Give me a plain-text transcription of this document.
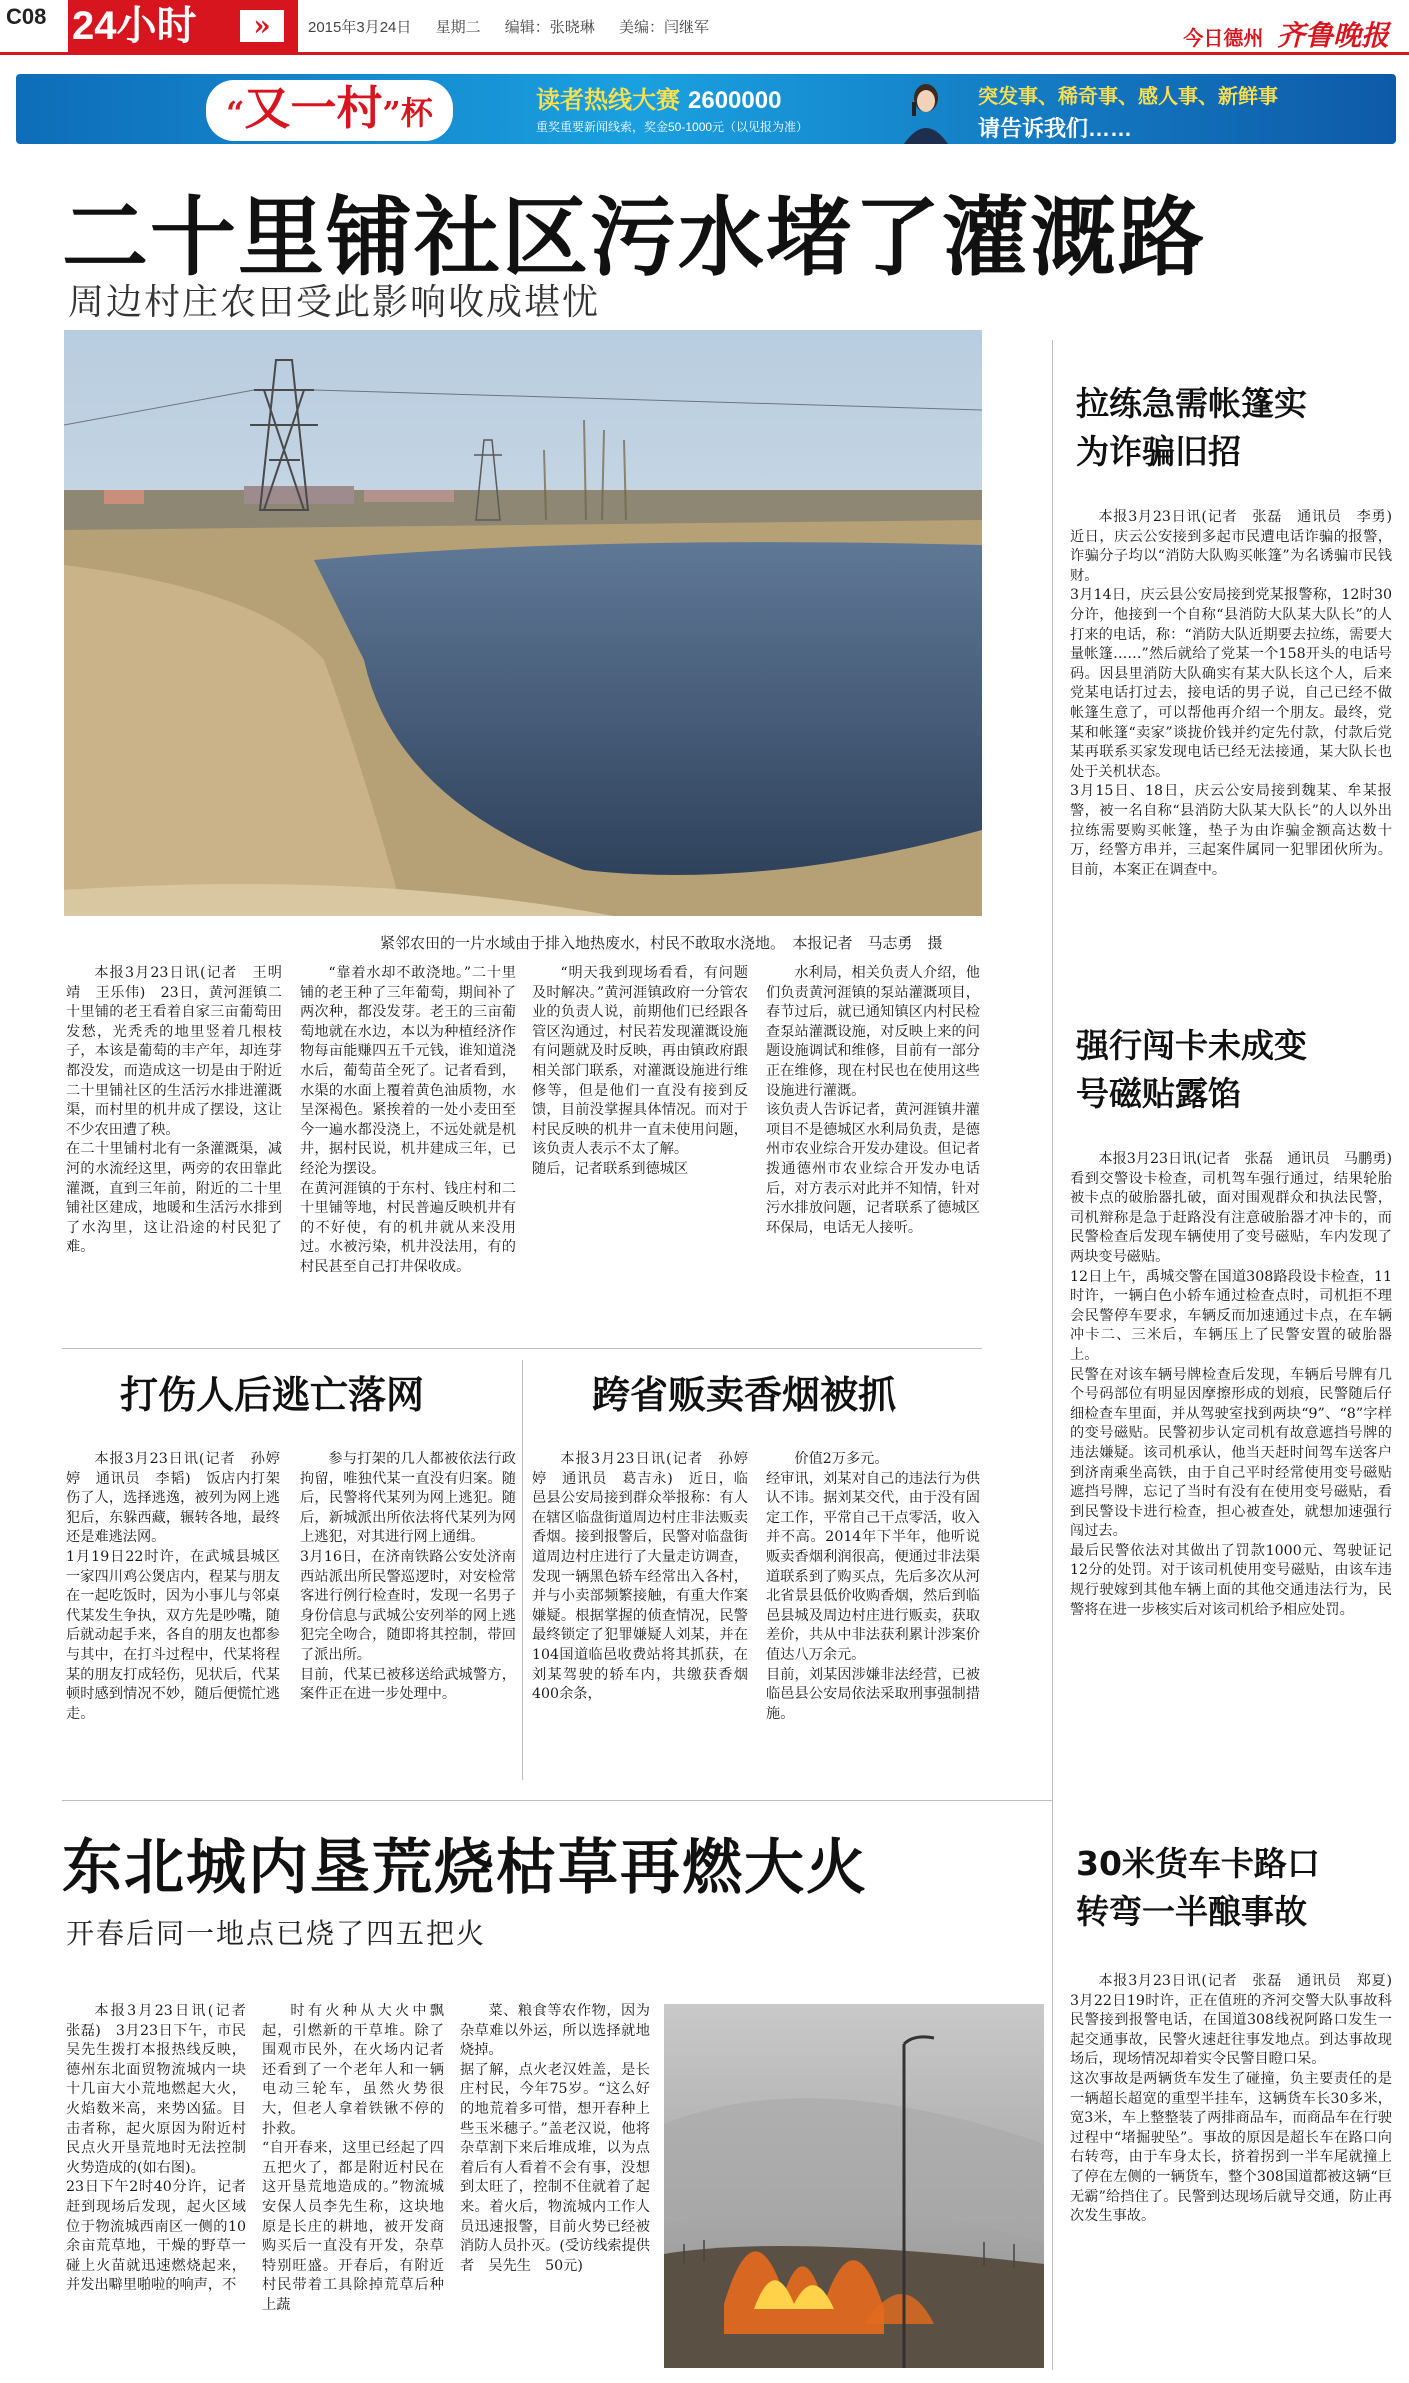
C08 24小时	»	2015年3月24日 星期二 编辑：张晓琳 美编：闫继军
今日德州 齐鲁晚报
“又一村”杯	读者热线大赛 2600000
重奖重要新闻线索，奖金50-1000元（以见报为准）
突发事、稀奇事、感人事、新鲜事
请告诉我们……
二十里铺社区污水堵了灌溉路
周边村庄农田受此影响收成堪忧
紧邻农田的一片水域由于排入地热废水，村民不敢取水浇地。　本报记者　马志勇　摄
本报3月23日讯(记者　王明靖　王乐伟)　23日，黄河涯镇二十里铺的老王看着自家三亩葡萄田发愁，光秃秃的地里竖着几根枝子，本该是葡萄的丰产年，却连芽都没发，而造成这一切是由于附近二十里铺社区的生活污水排进灌溉渠，而村里的机井成了摆设，这让不少农田遭了秧。
在二十里铺村北有一条灌溉渠，减河的水流经这里，两旁的农田靠此灌溉，直到三年前，附近的二十里铺社区建成，地暖和生活污水排到了水沟里，这让沿途的村民犯了难。
“靠着水却不敢浇地。”二十里铺的老王种了三年葡萄，期间补了两次种，都没发芽。老王的三亩葡萄地就在水边，本以为种植经济作物每亩能赚四五千元钱，谁知道浇水后，葡萄苗全死了。记者看到，水渠的水面上覆着黄色油质物，水呈深褐色。紧挨着的一处小麦田至今一遍水都没浇上，不远处就是机井，据村民说，机井建成三年，已经沦为摆设。
在黄河涯镇的于东村、钱庄村和二十里铺等地，村民普遍反映机井有的不好使，有的机井就从来没用过。水被污染，机井没法用，有的村民甚至自己打井保收成。
“明天我到现场看看，有问题及时解决。”黄河涯镇政府一分管农业的负责人说，前期他们已经跟各管区沟通过，村民若发现灌溉设施有问题就及时反映，再由镇政府跟相关部门联系，对灌溉设施进行维修等，但是他们一直没有接到反馈，目前没掌握具体情况。而对于村民反映的机井一直未使用问题，该负责人表示不太了解。
随后，记者联系到德城区
水利局，相关负责人介绍，他们负责黄河涯镇的泵站灌溉项目，春节过后，就已通知镇区内村民检查泵站灌溉设施，对反映上来的问题设施调试和维修，目前有一部分正在维修，现在村民也在使用这些设施进行灌溉。
该负责人告诉记者，黄河涯镇井灌项目不是德城区水利局负责，是德州市农业综合开发办建设。但记者拨通德州市农业综合开发办电话后，对方表示对此并不知情，针对污水排放问题，记者联系了德城区环保局，电话无人接听。
打伤人后逃亡落网
本报3月23日讯(记者　孙婷婷　通讯员　李韬)　饭店内打架伤了人，选择逃逸，被列为网上逃犯后，东躲西藏，辗转各地，最终还是难逃法网。
1月19日22时许，在武城县城区一家四川鸡公煲店内，程某与朋友在一起吃饭时，因为小事儿与邻桌代某发生争执，双方先是吵嘴，随后就动起手来，各自的朋友也都参与其中，在打斗过程中，代某将程某的朋友打成轻伤，见状后，代某顿时感到情况不妙，随后便慌忙逃走。
参与打架的几人都被依法行政拘留，唯独代某一直没有归案。随后，民警将代某列为网上逃犯。随后，新城派出所依法将代某列为网上逃犯，对其进行网上通缉。
3月16日，在济南铁路公安处济南西站派出所民警巡逻时，对安检常客进行例行检查时，发现一名男子身份信息与武城公安列举的网上逃犯完全吻合，随即将其控制，带回了派出所。
目前，代某已被移送给武城警方，案件正在进一步处理中。
跨省贩卖香烟被抓
本报3月23日讯(记者　孙婷婷　通讯员　葛吉永)　近日，临邑县公安局接到群众举报称：有人在辖区临盘街道周边村庄非法贩卖香烟。接到报警后，民警对临盘街道周边村庄进行了大量走访调查，发现一辆黑色轿车经常出入各村，并与小卖部频繁接触，有重大作案嫌疑。根据掌握的侦查情况，民警最终锁定了犯罪嫌疑人刘某，并在104国道临邑收费站将其抓获，在刘某驾驶的轿车内，共缴获香烟400余条，
价值2万多元。
经审讯，刘某对自己的违法行为供认不讳。据刘某交代，由于没有固定工作，平常自己干点零活，收入并不高。2014年下半年，他听说贩卖香烟利润很高，便通过非法渠道联系到了购买点，先后多次从河北省景县低价收购香烟，然后到临邑县城及周边村庄进行贩卖，获取差价，共从中非法获利累计涉案价值达八万余元。
目前，刘某因涉嫌非法经营，已被临邑县公安局依法采取刑事强制措施。
拉练急需帐篷实为诈骗旧招
本报3月23日讯(记者　张磊　通讯员　李勇)　近日，庆云公安接到多起市民遭电话诈骗的报警，诈骗分子均以“消防大队购买帐篷”为名诱骗市民钱财。
3月14日，庆云县公安局接到党某报警称，12时30分许，他接到一个自称“县消防大队某大队长”的人打来的电话，称：“消防大队近期要去拉练，需要大量帐篷……”然后就给了党某一个158开头的电话号码。因县里消防大队确实有某大队长这个人，后来党某电话打过去，接电话的男子说，自己已经不做帐篷生意了，可以帮他再介绍一个朋友。最终，党某和帐篷“卖家”谈拢价钱并约定先付款，付款后党某再联系买家发现电话已经无法接通，某大队长也处于关机状态。
3月15日、18日，庆云公安局接到魏某、牟某报警，被一名自称“县消防大队某大队长”的人以外出拉练需要购买帐篷，垫子为由诈骗金额高达数十万，经警方串并，三起案件属同一犯罪团伙所为。目前，本案正在调查中。
强行闯卡未成变号磁贴露馅
本报3月23日讯(记者　张磊　通讯员　马鹏勇)　看到交警设卡检查，司机驾车强行通过，结果轮胎被卡点的破胎器扎破，面对围观群众和执法民警，司机辩称是急于赶路没有注意破胎器才冲卡的，而民警检查后发现车辆使用了变号磁贴，车内发现了两块变号磁贴。
12日上午，禹城交警在国道308路段设卡检查，11时许，一辆白色小轿车通过检查点时，司机拒不理会民警停车要求，车辆反而加速通过卡点，在车辆冲卡二、三米后，车辆压上了民警安置的破胎器上。
民警在对该车辆号牌检查后发现，车辆后号牌有几个号码部位有明显因摩擦形成的划痕，民警随后仔细检查车里面，并从驾驶室找到两块“9”、“8”字样的变号磁贴。民警初步认定司机有故意遮挡号牌的违法嫌疑。该司机承认，他当天赶时间驾车送客户到济南乘坐高铁，由于自己平时经常使用变号磁贴遮挡号牌，忘记了当时有没有在使用变号磁贴，看到民警设卡进行检查，担心被查处，就想加速强行闯过去。
最后民警依法对其做出了罚款1000元、驾驶证记12分的处罚。对于该司机使用变号磁贴，由该车违规行驶嫁到其他车辆上面的其他交通违法行为，民警将在进一步核实后对该司机给予相应处罚。
30米货车卡路口转弯一半酿事故
本报3月23日讯(记者　张磊　通讯员　郑夏)　3月22日19时许，正在值班的齐河交警大队事故科民警接到报警电话，在国道308线祝阿路口发生一起交通事故，民警火速赶往事发地点。到达事故现场后，现场情况却着实令民警目瞪口呆。
这次事故是两辆货车发生了碰撞，负主要责任的是一辆超长超宽的重型半挂车，这辆货车长30多米，宽3米，车上整整装了两排商品车，而商品车在行驶过程中“堵掘驶坠”。事故的原因是超长车在路口向右转弯，由于车身太长，挤着拐到一半车尾就撞上了停在左侧的一辆货车，整个308国道都被这辆“巨无霸”给挡住了。民警到达现场后就导交通，防止再次发生事故。
东北城内垦荒烧枯草再燃大火
开春后同一地点已烧了四五把火
本报3月23日讯(记者　张磊)　3月23日下午，市民吴先生拨打本报热线反映，德州东北面贸物流城内一块十几亩大小荒地燃起大火，火焰数米高，来势凶猛。目击者称，起火原因为附近村民点火开垦荒地时无法控制火势造成的(如右图)。
23日下午2时40分许，记者赶到现场后发现，起火区域位于物流城西南区一侧的10余亩荒草地，干燥的野草一碰上火苗就迅速燃烧起来，并发出噼里啪啦的响声，不
时有火种从大火中飘起，引燃新的干草堆。除了围观市民外，在火场内记者还看到了一个老年人和一辆电动三轮车，虽然火势很大，但老人拿着铁锹不停的扑救。
“自开春来，这里已经起了四五把火了，都是附近村民在这开垦荒地造成的。”物流城安保人员李先生称，这块地原是长庄的耕地，被开发商购买后一直没有开发，杂草特别旺盛。开春后，有附近村民带着工具除掉荒草后种上蔬
菜、粮食等农作物，因为杂草难以外运，所以选择就地烧掉。
据了解，点火老汉姓盖，是长庄村民，今年75岁。“这么好的地荒着多可惜，想开春种上些玉米穗子。”盖老汉说，他将杂草割下来后堆成堆，以为点着后有人看着不会有事，没想到太旺了，控制不住就着了起来。着火后，物流城内工作人员迅速报警，目前火势已经被消防人员扑灭。(受访线索提供者　吴先生　50元)
